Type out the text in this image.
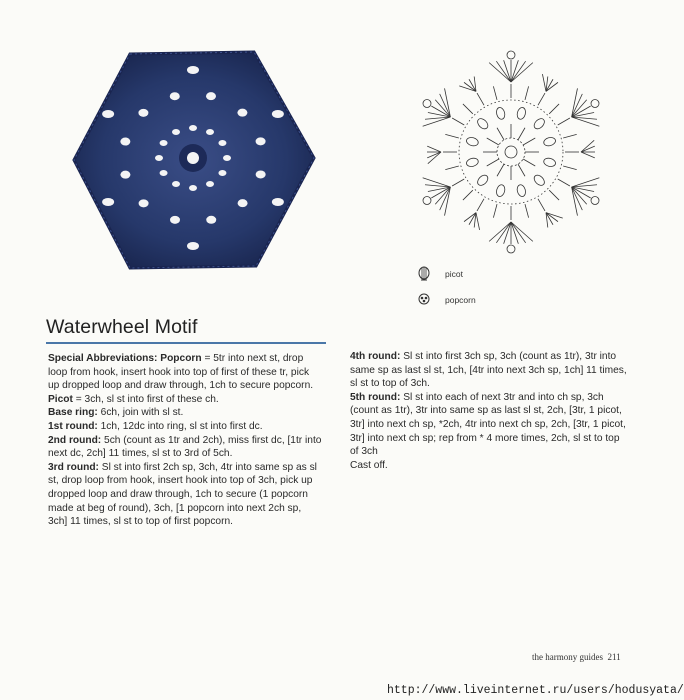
picot
popcorn
Waterwheel Motif

Special Abbreviations: Popcorn = 5tr into next st, drop loop from hook, insert hook into top of first of these tr, pick up dropped loop and draw through, 1ch to secure popcorn.

Picot = 3ch, sl st into first of these ch.

Base ring: 6ch, join with sl st.

1st round: 1ch, 12dc into ring, sl st into first dc.

2nd round: 5ch (count as 1tr and 2ch), miss first dc, [1tr into next dc, 2ch] 11 times, sl st to 3rd of 5ch.

3rd round: Sl st into first 2ch sp, 3ch, 4tr into same sp as sl st, drop loop from hook, insert hook into top of 3ch, pick up dropped loop and draw through, 1ch to secure (1 popcorn made at beg of round), 3ch, [1 popcorn into next 2ch sp, 3ch] 11 times, sl st to top of first popcorn.

4th round: Sl st into first 3ch sp, 3ch (count as 1tr), 3tr into same sp as last sl st, 1ch, [4tr into next 3ch sp, 1ch] 11 times, sl st to top of 3ch.

5th round: Sl st into each of next 3tr and into ch sp, 3ch (count as 1tr), 3tr into same sp as last sl st, 2ch, [3tr, 1 picot, 3tr] into next ch sp, *2ch, 4tr into next ch sp, 2ch, [3tr, 1 picot, 3tr] into next ch sp; rep from * 4 more times, 2ch, sl st to top of 3ch

Cast off.

the harmony guides 211
http://www.liveinternet.ru/users/hodusyata/
